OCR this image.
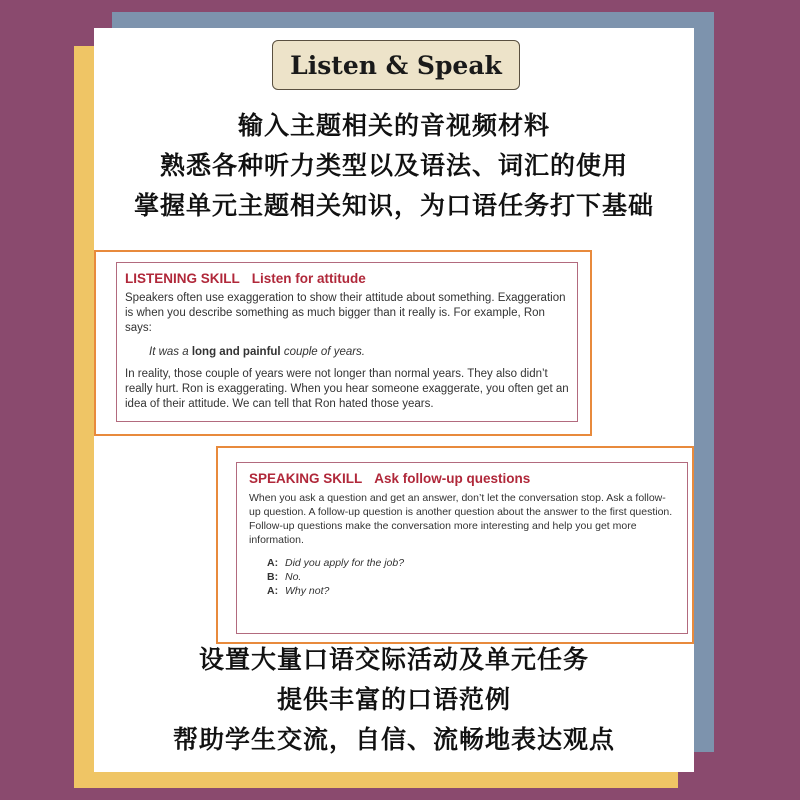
Listen & Speak
输入主题相关的音视频材料
熟悉各种听力类型以及语法、词汇的使用
掌握单元主题相关知识，为口语任务打下基础
LISTENING SKILL Listen for attitude

Speakers often use exaggeration to show their attitude about something. Exaggeration is when you describe something as much bigger than it really is. For example, Ron says:

It was a long and painful couple of years.

In reality, those couple of years were not longer than normal years. They also didn’t really hurt. Ron is exaggerating. When you hear someone exaggerate, you often get an idea of their attitude. We can tell that Ron hated those years.

SPEAKING SKILL Ask follow-up questions

When you ask a question and get an answer, don’t let the conversation stop. Ask a follow-up question. A follow-up question is another question about the answer to the first question. Follow-up questions make the conversation more interesting and help you get more information.

A: Did you apply for the job?
B: No.
A: Why not?
设置大量口语交际活动及单元任务
提供丰富的口语范例
帮助学生交流，自信、流畅地表达观点
